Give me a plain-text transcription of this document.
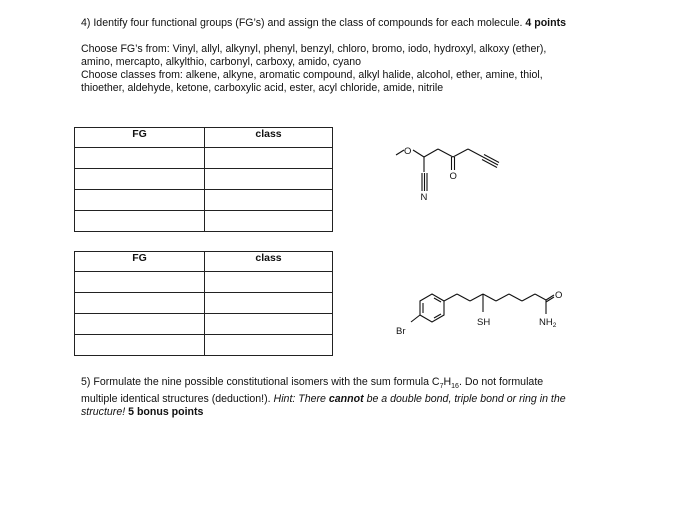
4) Identify four functional groups (FG’s) and assign the class of compounds for each molecule. 4 points
Choose FG’s from: Vinyl, allyl, alkynyl, phenyl, benzyl, chloro, bromo, iodo, hydroxyl, alkoxy (ether),
amino, mercapto, alkylthio, carbonyl, carboxy, amido, cyano
Choose classes from: alkene, alkyne, aromatic compound, alkyl halide, alcohol, ether, amine, thiol,
thioether, aldehyde, ketone, carboxylic acid, ester, acyl chloride, amide, nitrile
FG	class

FG	class

O
O
N
Br
SH	$NH_2$
O
5) Formulate the nine possible constitutional isomers with the sum formula $C_7H_{16}$. Do not formulate
multiple identical structures (deduction!). Hint: There cannot be a double bond, triple bond or ring in the
structure! 5 bonus points
